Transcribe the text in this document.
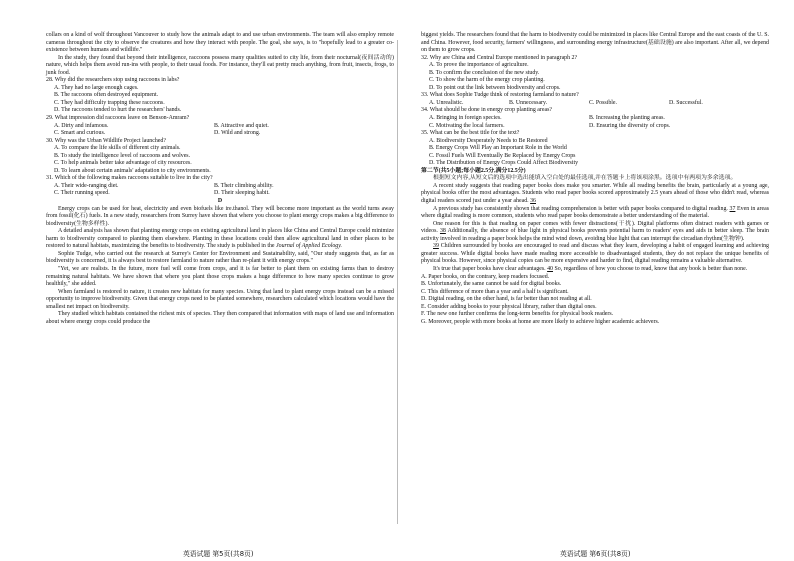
collars on a kind of wolf throughout Vancouver to study how the animals adapt to and use urban environments. The team will also employ remote cameras throughout the city to observe the creatures and how they interact with people. The goal, she says, is to "hopefully lead to a greater co-existence between humans and wildlife."

In the study, they found that beyond their intelligence, raccoons possess many qualities suited to city life, from their nocturnal(夜间活动的) nature, which helps them avoid run-ins with people, to their usual foods. For instance, they'll eat pretty much anything, from fruit, insects, frogs, to junk food.

28. Why did the researchers stop using raccoons in labs?

A. They had no large enough cages.

B. The raccoons often destroyed equipment.

C. They had difficulty trapping these raccoons.

D. The raccoons tended to hurt the researchers' hands.

29. What impression did raccoons leave on Benson-Amram?

A. Dirty and infamous.	B. Attractive and quiet.
C. Smart and curious.	D. Wild and strong.

30. Why was the Urban Wildlife Project launched?

A. To compare the life skills of different city animals.

B. To study the intelligence level of raccoons and wolves.

C. To help animals better take advantage of city resources.

D. To learn about certain animals' adaptation to city environments.

31. Which of the following makes raccoons suitable to live in the city?

A. Their wide-ranging diet.	B. Their climbing ability.
C. Their running speed.	D. Their sleeping habit.

D

Energy crops can be used for heat, electricity and even biofuels like ire.thanol. They will become more important as the world turns away from fossil(化石) fuels. In a new study, researchers from Surrey have shown that where you choose to plant energy crops makes a big difference to biodiversity(生物多样性).

A detailed analysis has shown that planting energy crops on existing agricultural land in places like China and Central Europe could minimize harm to biodiversity compared to planting them elsewhere. Planting in these locations could then allow agricultural land in other places to be restored to natural habitats, maximizing the benefits to biodiversity. The study is published in the Journal of Applied Ecology.

Sophie Tudge, who carried out the research at Surrey's Center for Environment and Sustainability, said, "Our study suggests that, as far as biodiversity is concerned, it is always best to restore farmland to nature rather than re-plant it with energy crops."

"Yet, we are realists. In the future, more fuel will come from crops, and it is far better to plant them on existing farms than to destroy remaining natural habitats. We have shown that where you plant those crops makes a huge difference to how many species continue to grow healthily," she added.

When farmland is restored to nature, it creates new habitats for many species. Using that land to plant energy crops instead can be a missed opportunity to improve biodiversity. Given that energy crops need to be planted somewhere, researchers calculated which locations would have the smallest net impact on biodiversity.

They studied which habitats contained the richest mix of species. They then compared that information with maps of land use and information about where energy crops could produce the

biggest yields. The researchers found that the harm to biodiversity could be minimized in places like Central Europe and the east coasts of the U. S. and China. However, food security, farmers' willingness, and surrounding energy infrastructure(基础设施) are also important. After all, we depend on them to grow crops.

32. Why are China and Central Europe mentioned in paragraph 2?

A. To prove the importance of agriculture.

B. To confirm the conclusion of the new study.

C. To show the harm of the energy crop planting.

D. To point out the link between biodiversity and crops.

33. What does Sophie Tudge think of restoring farmland to nature?

A. Unrealistic.	B. Unnecessary.	C. Possible.	D. Successful.

34. What should be done in energy crop planting areas?

A. Bringing in foreign species.	B. Increasing the planting areas.
C. Motivating the local farmers.	D. Ensuring the diversity of crops.

35. What can be the best title for the text?

A. Biodiversity Desperately Needs to Be Restored

B. Energy Crops Will Play an Important Role in the World

C. Fossil Fuels Will Eventually Be Replaced by Energy Crops

D. The Distribution of Energy Crops Could Affect Biodiversity

第二节(共5小题;每小题2.5分,满分12.5分)

根据短文内容,从短文后的选项中选出能填入空白处的最佳选项,并在答题卡上将该项涂黑。选项中有两项为多余选项。

A recent study suggests that reading paper books does make you smarter. While all reading benefits the brain, particularly at a young age, physical books offer the most advantages. Students who read paper books scored approximately 2.5 years ahead of those who didn't read, whereas digital readers scored just under a year ahead. 36

A previous study has consistently shown that reading comprehension is better with paper books compared to digital reading. 37 Even in areas where digital reading is more common, students who read paper books demonstrate a better understanding of the material.

One reason for this is that reading on paper comes with fewer distractions(干扰). Digital platforms often distract readers with games or videos. 38 Additionally, the absence of blue light in physical books prevents potential harm to readers' eyes and aids in better sleep. The brain activity involved in reading a paper book helps the mind wind down, avoiding blue light that can interrupt the circadian rhythm(生物钟).

39 Children surrounded by books are encouraged to read and discuss what they learn, developing a habit of engaged learning and achieving greater success. While digital books have made reading more accessible to disadvantaged students, they do not replace the unique benefits of physical books. However, since physical copies can be more expensive and harder to find, digital reading remains a valuable alternative.

It's true that paper books have clear advantages. 40 So, regardless of how you choose to read, know that any book is better than none.

A. Paper books, on the contrary, keep readers focused.

B. Unfortunately, the same cannot be said for digital books.

C. This difference of more than a year and a half is significant.

D. Digital reading, on the other hand, is far better than not reading at all.

E. Consider adding books to your physical library, rather than digital ones.

F. The new one further confirms the long-term benefits for physical book readers.

G. Moreover, people with more books at home are more likely to achieve higher academic achievers.

英语试题 第5页(共8页)	英语试题 第6页(共8页)
